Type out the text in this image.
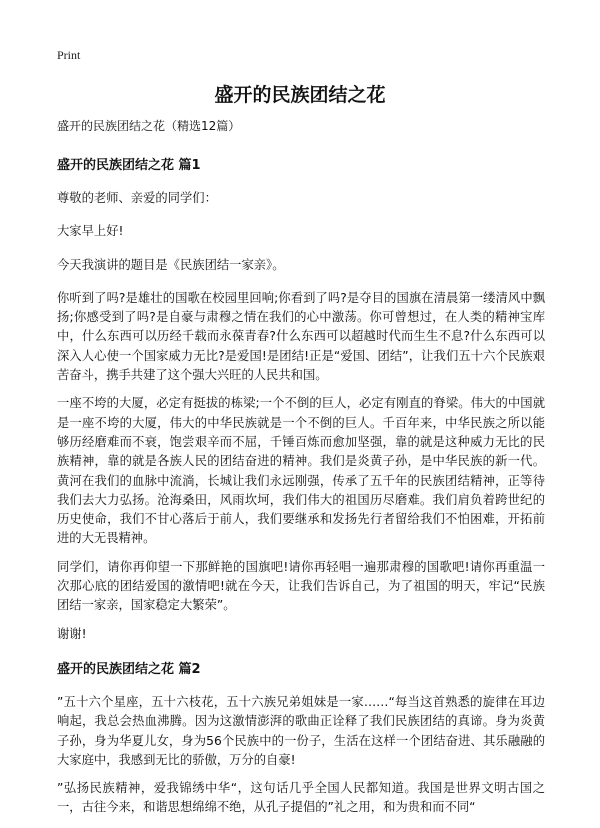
Print
盛开的民族团结之花

盛开的民族团结之花（精选12篇）

盛开的民族团结之花 篇1

尊敬的老师、亲爱的同学们：

大家早上好!

今天我演讲的题目是《民族团结一家亲》。

你听到了吗?是雄壮的国歌在校园里回响;你看到了吗?是夺目的国旗在清晨第一缕清风中飘扬;你感受到了吗?是自豪与肃穆之情在我们的心中激荡。你可曾想过，在人类的精神宝库中，什么东西可以历经千载而永葆青春?什么东西可以超越时代而生生不息?什么东西可以深入人心使一个国家威力无比?是爱国!是团结!正是“爱国、团结”，让我们五十六个民族艰苦奋斗，携手共建了这个强大兴旺的人民共和国。

一座不垮的大厦，必定有挺拔的栋梁;一个不倒的巨人，必定有刚直的脊梁。伟大的中国就是一座不垮的大厦，伟大的中华民族就是一个不倒的巨人。千百年来，中华民族之所以能够历经磨难而不衰，饱尝艰辛而不屈，千锤百炼而愈加坚强，靠的就是这种威力无比的民族精神，靠的就是各族人民的团结奋进的精神。我们是炎黄子孙，是中华民族的新一代。黄河在我们的血脉中流淌，长城让我们永远刚强，传承了五千年的民族团结精神，正等待我们去大力弘扬。沧海桑田，风雨坎坷，我们伟大的祖国历尽磨难。我们肩负着跨世纪的历史使命，我们不甘心落后于前人，我们要继承和发扬先行者留给我们不怕困难，开拓前进的大无畏精神。

同学们，请你再仰望一下那鲜艳的国旗吧!请你再轻唱一遍那肃穆的国歌吧!请你再重温一次那心底的团结爱国的激情吧!就在今天，让我们告诉自己，为了祖国的明天，牢记“民族团结一家亲，国家稳定大繁荣”。

谢谢!

盛开的民族团结之花 篇2

”五十六个星座，五十六枝花，五十六族兄弟姐妹是一家……“每当这首熟悉的旋律在耳边响起，我总会热血沸腾。因为这激情澎湃的歌曲正诠释了我们民族团结的真谛。身为炎黄子孙，身为华夏儿女，身为56个民族中的一份子，生活在这样一个团结奋进、其乐融融的大家庭中，我感到无比的骄傲，万分的自豪!

”弘扬民族精神，爱我锦绣中华“，这句话几乎全国人民都知道。我国是世界文明古国之一，古往今来，和谐思想绵绵不绝，从孔子提倡的”礼之用，和为贵和而不同“
